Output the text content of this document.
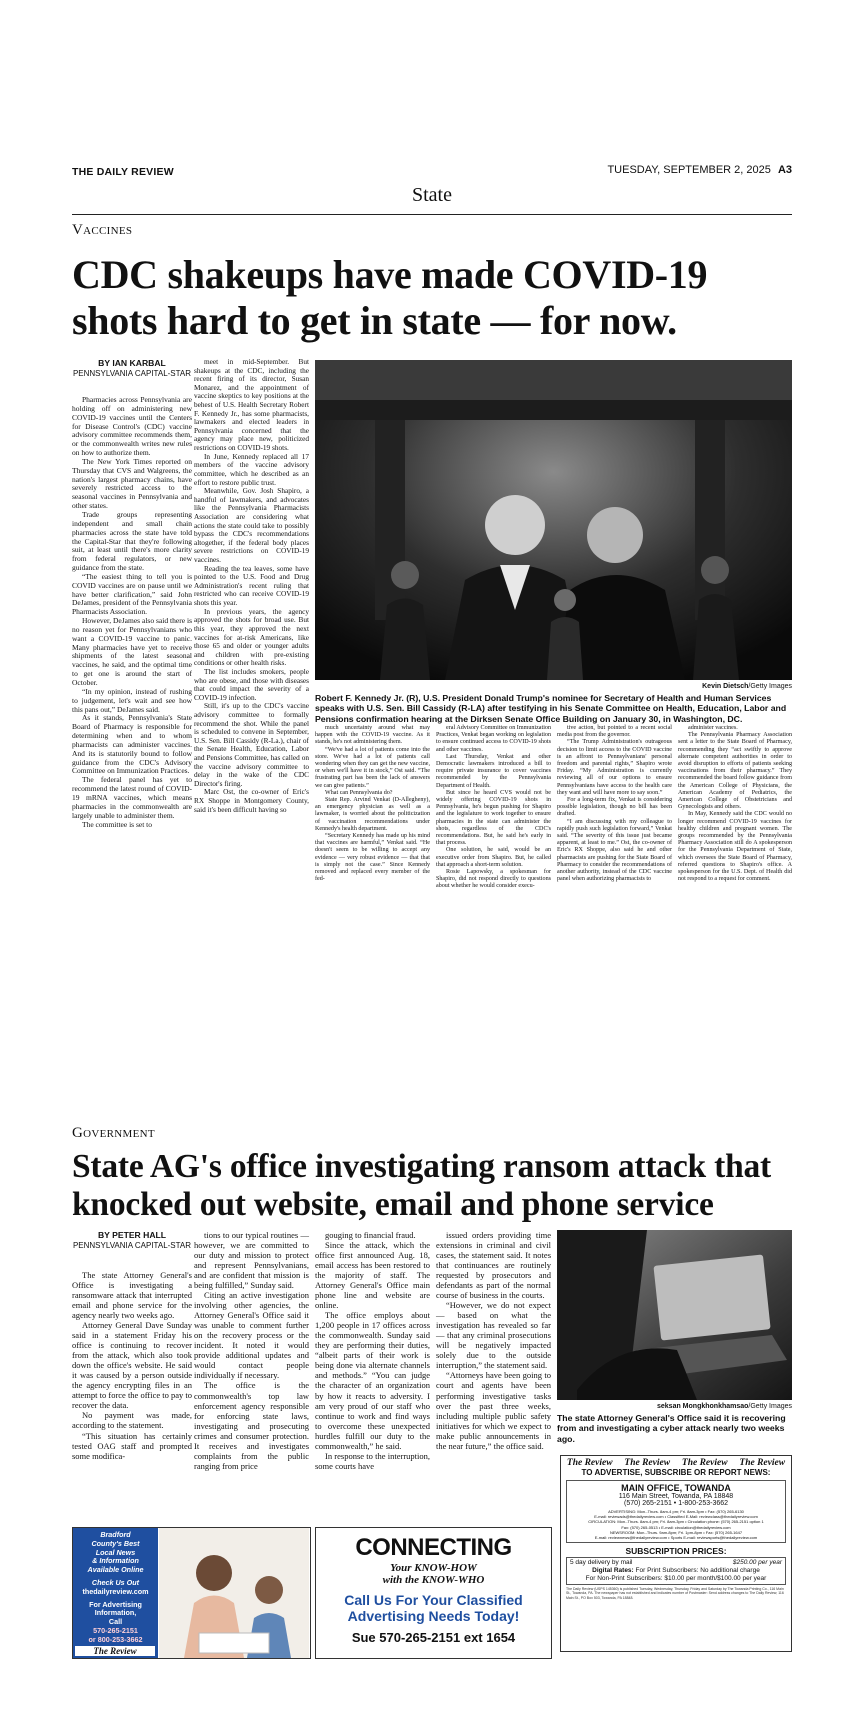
THE DAILY REVIEW	TUESDAY, SEPTEMBER 2, 2025 A3
State
Vaccines
CDC shakeups have made COVID-19 shots hard to get in state — for now.
BY IAN KARBAL
PENNSYLVANIA CAPITAL-STAR

Pharmacies across Pennsylvania are holding off on administering new COVID-19 vaccines until the Centers for Disease Control's (CDC) vaccine advisory committee recommends them, or the commonwealth writes new rules on how to authorize them.

The New York Times reported on Thursday that CVS and Walgreens, the nation's largest pharmacy chains, have severely restricted access to the seasonal vaccines in Pennsylvania and other states.

Trade groups representing independent and small chain pharmacies across the state have told the Capital-Star that they're following suit, at least until there's more clarity from federal regulators, or new guidance from the state.

“The easiest thing to tell you is COVID vaccines are on pause until we have better clarification,” said John DeJames, president of the Pennsylvania Pharmacists Association.

However, DeJames also said there is no reason yet for Pennsylvanians who want a COVID-19 vaccine to panic. Many pharmacies have yet to receive shipments of the latest seasonal vaccines, he said, and the optimal time to get one is around the start of October.

“In my opinion, instead of rushing to judgement, let's wait and see how this pans out,” DeJames said.

As it stands, Pennsylvania's State Board of Pharmacy is responsible for determining when and to whom pharmacists can administer vaccines. And its is statutorily bound to follow guidance from the CDC's Advisory Committee on Immunization Practices.

The federal panel has yet to recommend the latest round of COVID-19 mRNA vaccines, which means pharmacies in the commonwealth are largely unable to administer them.

The committee is set to

meet in mid-September. But shakeups at the CDC, including the recent firing of its director, Susan Monarez, and the appointment of vaccine skeptics to key positions at the behest of U.S. Health Secretary Robert F. Kennedy Jr., has some pharmacists, lawmakers and elected leaders in Pennsylvania concerned that the agency may place new, politicized restrictions on COVID-19 shots.

In June, Kennedy replaced all 17 members of the vaccine advisory committee, which he described as an effort to restore public trust.

Meanwhile, Gov. Josh Shapiro, a handful of lawmakers, and advocates like the Pennsylvania Pharmacists Association are considering what actions the state could take to possibly bypass the CDC's recommendations altogether, if the federal body places severe restrictions on COVID-19 vaccines.

Reading the tea leaves, some have pointed to the U.S. Food and Drug Administration's recent ruling that restricted who can receive COVID-19 shots this year.

In previous years, the agency approved the shots for broad use. But this year, they approved the next vaccines for at-risk Americans, like those 65 and older or younger adults and children with pre-existing conditions or other health risks.

The list includes smokers, people who are obese, and those with diseases that could impact the severity of a COVID-19 infection.

Still, it's up to the CDC's vaccine advisory committee to formally recommend the shot. While the panel is scheduled to convene in September, U.S. Sen. Bill Cassidy (R-La.), chair of the Senate Health, Education, Labor and Pensions Committee, has called on the vaccine advisory committee to delay in the wake of the CDC Director's firing.

Marc Ost, the co-owner of Eric's RX Shoppe in Montgomery County, said it's been difficult having so

Kevin Dietsch/Getty Images
Robert F. Kennedy Jr. (R), U.S. President Donald Trump's nominee for Secretary of Health and Human Services speaks with U.S. Sen. Bill Cassidy (R-LA) after testifying in his Senate Committee on Health, Education, Labor and Pensions confirmation hearing at the Dirksen Senate Office Building on January 30, in Washington, DC.

much uncertainty around what may happen with the COVID-19 vaccine. As it stands, he's not administering them.

“We've had a lot of patients come into the store. We've had a lot of patients call wondering when they can get the new vaccine, or when we'll have it in stock,” Ost said. “The frustrating part has been the lack of answers we can give patients.”

What can Pennsylvania do?

State Rep. Arvind Venkat (D-Allegheny), an emergency physician as well as a lawmaker, is worried about the politicization of vaccination recommendations under Kennedy's health department.

“Secretary Kennedy has made up his mind that vaccines are harmful,” Venkat said. “He doesn't seem to be willing to accept any evidence — very robust evidence — that that is simply not the case.” Since Kennedy removed and replaced every member of the fed-

eral Advisory Committee on Immunization Practices, Venkat began working on legislation to ensure continued access to COVID-19 shots and other vaccines.

Last Thursday, Venkat and other Democratic lawmakers introduced a bill to require private insurance to cover vaccines recommended by the Pennsylvania Department of Health.

But since he heard CVS would not be widely offering COVID-19 shots in Pennsylvania, he's begun pushing for Shapiro and the legislature to work together to ensure pharmacies in the state can administer the shots, regardless of the CDC's recommendations. But, he said he's early in that process.

One solution, he said, would be an executive order from Shapiro. But, he called that approach a short-term solution.

Rosie Lapowsky, a spokesman for Shapiro, did not respond directly to questions about whether he would consider execu-

tive action, but pointed to a recent social media post from the governor.

“The Trump Administration's outrageous decision to limit access to the COVID vaccine is an affront to Pennsylvanians' personal freedom and parental rights,” Shapiro wrote Friday. “My Administration is currently reviewing all of our options to ensure Pennsylvanians have access to the health care they want and will have more to say soon.”

For a long-term fix, Venkat is considering possible legislation, though no bill has been drafted.

“I am discussing with my colleague to rapidly push such legislation forward,” Venkat said. “The severity of this issue just became apparent, at least to me.” Ost, the co-owner of Eric's RX Shoppe, also said he and other pharmacists are pushing for the State Board of Pharmacy to consider the recommendations of another authority, instead of the CDC vaccine panel when authorizing pharmacists to

administer vaccines.

The Pennsylvania Pharmacy Association sent a letter to the State Board of Pharmacy, recommending they “act swiftly to approve alternate competent authorities in order to avoid disruption to efforts of patients seeking vaccinations from their pharmacy.” They recommended the board follow guidance from the American College of Physicians, the American Academy of Pediatrics, the American College of Obstetricians and Gynecologists and others.

In May, Kennedy said the CDC would no longer recommend COVID-19 vaccines for healthy children and pregnant women. The groups recommended by the Pennsylvania Pharmacy Association still do A spokesperson for the Pennsylvania Department of State, which oversees the State Board of Pharmacy, referred questions to Shapiro's office. A spokesperson for the U.S. Dept. of Health did not respond to a request for comment.

Government
State AG's office investigating ransom attack that knocked out website, email and phone service
BY PETER HALL
PENNSYLVANIA CAPITAL-STAR

The state Attorney General's Office is investigating a ransomware attack that interrupted email and phone service for the agency nearly two weeks ago.

Attorney General Dave Sunday said in a statement Friday his office is continuing to recover from the attack, which also took down the office's website. He said it was caused by a person outside the agency encrypting files in an attempt to force the office to pay to recover the data.

No payment was made, according to the statement.

“This situation has certainly tested OAG staff and prompted some modifica-

tions to our typical routines — however, we are committed to our duty and mission to protect and represent Pennsylvanians, and are confident that mission is being fulfilled,” Sunday said.

Citing an active investigation involving other agencies, the Attorney General's Office said it was unable to comment further on the recovery process or the incident. It noted it would provide additional updates and would contact people individually if necessary.

The office is the commonwealth's top law enforcement agency responsible for enforcing state laws, investigating and prosecuting crimes and consumer protection. It receives and investigates complaints from the public ranging from price

gouging to financial fraud.

Since the attack, which the office first announced Aug. 18, email access has been restored to the majority of staff. The Attorney General's Office main phone line and website are online.

The office employs about 1,200 people in 17 offices across the commonwealth. Sunday said they are performing their duties, “albeit parts of their work is being done via alternate channels and methods.” “You can judge the character of an organization by how it reacts to adversity. I am very proud of our staff who continue to work and find ways to overcome these unexpected hurdles fulfill our duty to the commonwealth,” he said.

In response to the interruption, some courts have

issued orders providing time extensions in criminal and civil cases, the statement said. It notes that continuances are routinely requested by prosecutors and defendants as part of the normal course of business in the courts.

“However, we do not expect — based on what the investigation has revealed so far — that any criminal prosecutions will be negatively impacted solely due to the outside interruption,” the statement said.

“Attorneys have been going to court and agents have been performing investigative tasks over the past three weeks, including multiple public safety initiatives for which we expect to make public announcements in the near future,” the office said.

seksan Mongkhonkhamsao/Getty Images
The state Attorney General's Office said it is recovering from and investigating a cyber attack nearly two weeks ago.
The Review The Review The Review The Review
TO ADVERTISE, SUBSCRIBE OR REPORT NEWS:
MAIN OFFICE, TOWANDA
116 Main Street, Towanda, PA 18848
(570) 265-2151 • 1-800-253-3662
ADVERTISING: Mon.-Thurs. 8am-4 pm; Fri. 8am-3pm • Fax: (570) 265-6130
E-mail: reviewads@thedailyreview.com • Classified E-Mail: reviewclass@thedailyreview.com
CIRCULATION: Mon.-Thurs. 8am-4 pm; Fri. 8am-3pm • Circulation phone: (570) 265-2151 option 1
Fax: (570) 265-0513 • E-mail: circulation@thedailyreview.com
NEWSROOM: Mon.-Thurs. 9am-8pm; Fri. 1pm-8pm • Fax: (570) 265-1647
E-mail: reviewnews@thedailyreview.com • Sports E-mail: reviewsports@thedailyreview.com
SUBSCRIPTION PRICES:
5 day delivery by mail	$250.00 per year
Digital Rates: For Print Subscribers: No additional charge
For Non-Print Subscribers: $10.00 per month/$100.00 per year
The Daily Review (USPS 145360) is published Tuesday, Wednesday, Thursday, Friday and Saturday by The Towanda Printing Co., 116 Main St., Towanda, PA. The newspaper has not established and indicates number of Postmaster: Send address changes to The Daily Review, 116 Main St., PO Box 503, Towanda, PA 18848.
Bradford
County's Best
Local News
& Information
Available Online
Check Us Out
thedailyreview.com
For Advertising
Information,
Call
570-265-2151
or 800-253-3662
The Review
CONNECTING
Your KNOW-HOW
with the KNOW-WHO
Call Us For Your Classified
Advertising Needs Today!
Sue 570-265-2151 ext 1654
